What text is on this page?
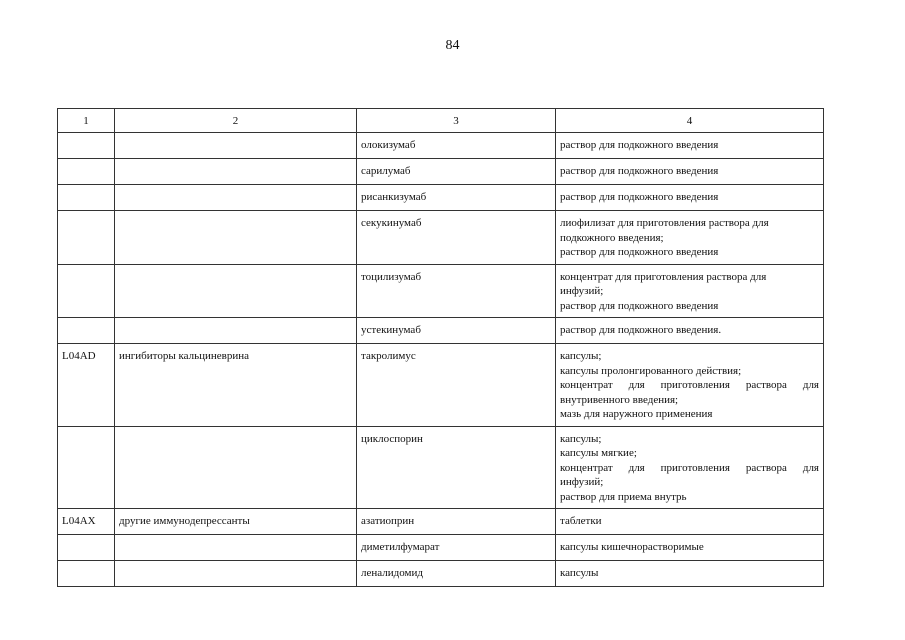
84
1	2	3	4
		олокизумаб	раствор для подкожного введения

		сарилумаб	раствор для подкожного введения

		рисанкизумаб	раствор для подкожного введения

		секукинумаб	лиофилизат для приготовления раствора для
подкожного введения;
раствор для подкожного введения

		тоцилизумаб	концентрат для приготовления раствора для
инфузий;
раствор для подкожного введения

		устекинумаб	раствор для подкожного введения.

L04AD	ингибиторы кальциневрина	такролимус	капсулы;
капсулы пролонгированного действия;
концентрат для приготовления раствора для
внутривенного введения;
мазь для наружного применения

		циклоспорин	капсулы;
капсулы мягкие;
концентрат для приготовления раствора для
инфузий;
раствор для приема внутрь

L04AX	другие иммунодепрессанты	азатиоприн	таблетки

		диметилфумарат	капсулы кишечнорастворимые

		леналидомид	капсулы
